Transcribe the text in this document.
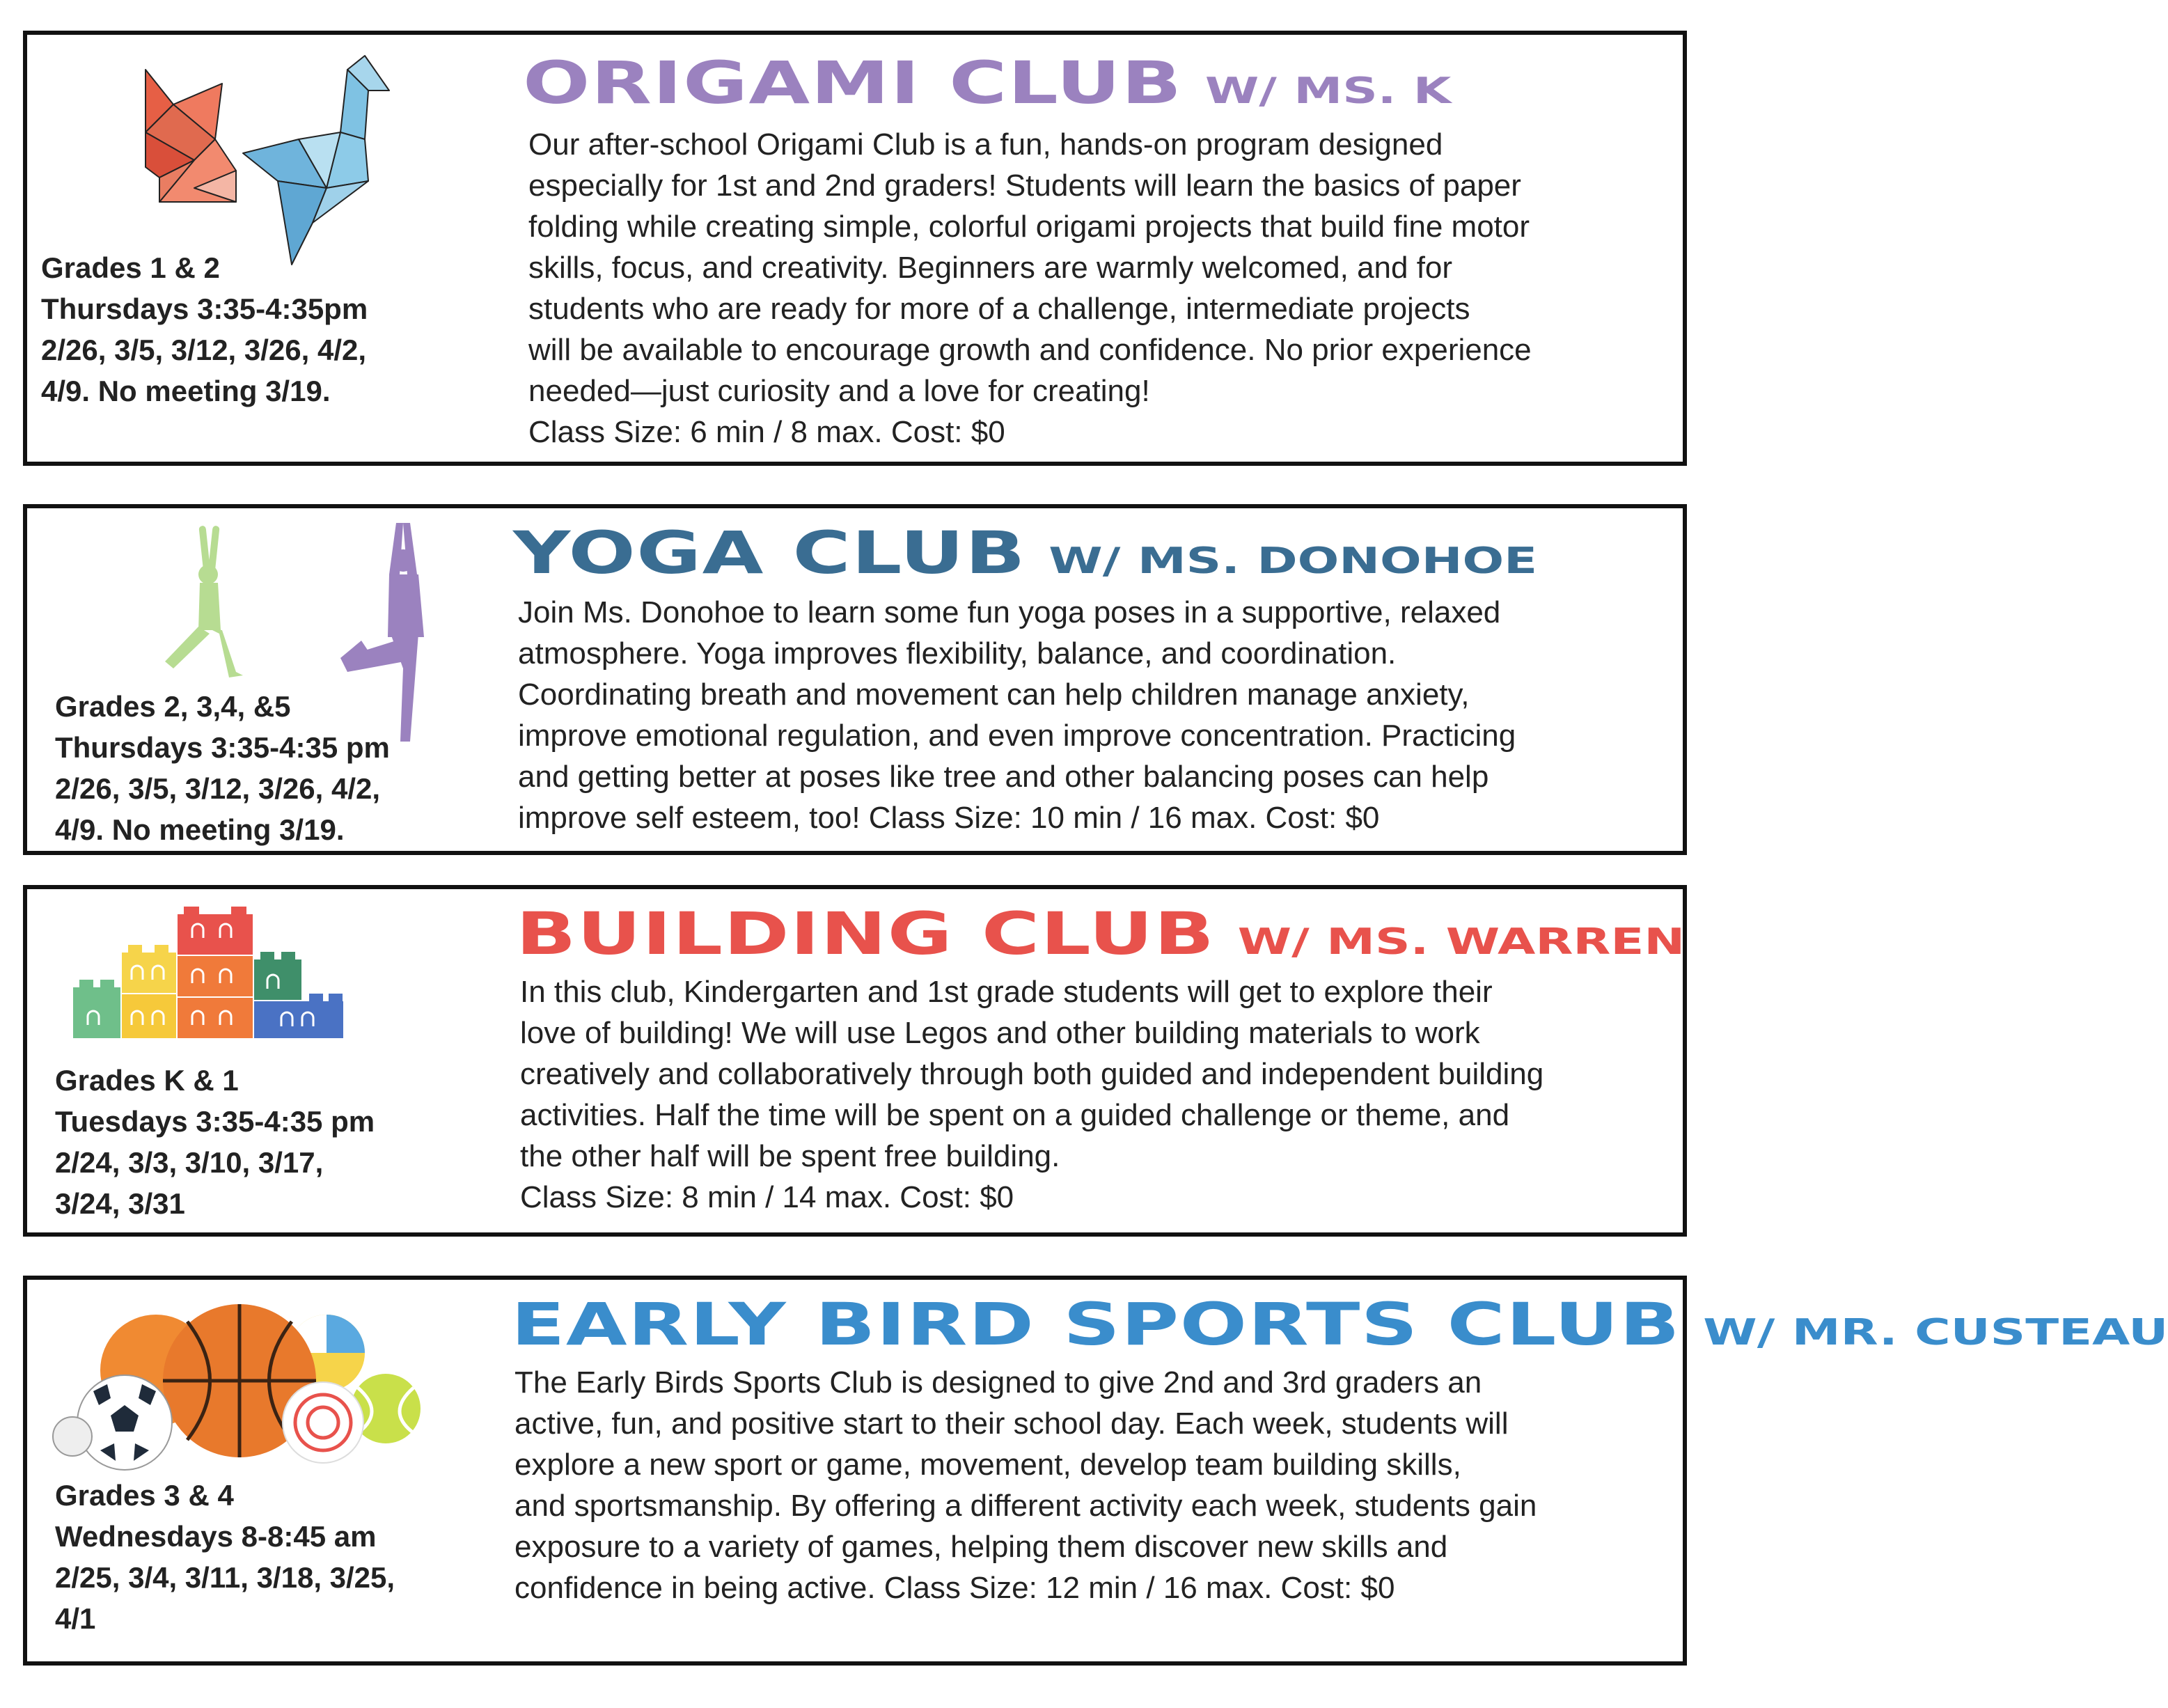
Grades 1 & 2
Thursdays 3:35-4:35pm
2/26, 3/5, 3/12, 3/26, 4/2,
4/9. No meeting 3/19.
ORIGAMI CLUB W/ MS. K
Our after-school Origami Club is a fun, hands-on program designed
especially for 1st and 2nd graders! Students will learn the basics of paper
folding while creating simple, colorful origami projects that build fine motor
skills, focus, and creativity. Beginners are warmly welcomed, and for
students who are ready for more of a challenge, intermediate projects
will be available to encourage growth and confidence. No prior experience
needed—just curiosity and a love for creating!
Class Size: 6 min / 8 max. Cost: $0
Grades 2, 3,4, &5
Thursdays 3:35-4:35 pm
2/26, 3/5, 3/12, 3/26, 4/2,
4/9. No meeting 3/19.
YOGA CLUB W/ MS. DONOHOE
Join Ms. Donohoe to learn some fun yoga poses in a supportive, relaxed
atmosphere. Yoga improves flexibility, balance, and coordination.
Coordinating breath and movement can help children manage anxiety,
improve emotional regulation, and even improve concentration. Practicing
and getting better at poses like tree and other balancing poses can help
improve self esteem, too! Class Size: 10 min / 16 max. Cost: $0
Grades K & 1
Tuesdays 3:35-4:35 pm
2/24, 3/3, 3/10, 3/17,
3/24, 3/31
BUILDING CLUB W/ MS. WARREN
In this club, Kindergarten and 1st grade students will get to explore their
love of building! We will use Legos and other building materials to work
creatively and collaboratively through both guided and independent building
activities. Half the time will be spent on a guided challenge or theme, and
the other half will be spent free building.
Class Size: 8 min / 14 max. Cost: $0
Grades 3 & 4
Wednesdays 8-8:45 am
2/25, 3/4, 3/11, 3/18, 3/25,
4/1
EARLY BIRD SPORTS CLUB W/ MR. CUSTEAU
The Early Birds Sports Club is designed to give 2nd and 3rd graders an
active, fun, and positive start to their school day. Each week, students will
explore a new sport or game, movement, develop team building skills,
and sportsmanship. By offering a different activity each week, students gain
exposure to a variety of games, helping them discover new skills and
confidence in being active. Class Size: 12 min / 16 max. Cost: $0
